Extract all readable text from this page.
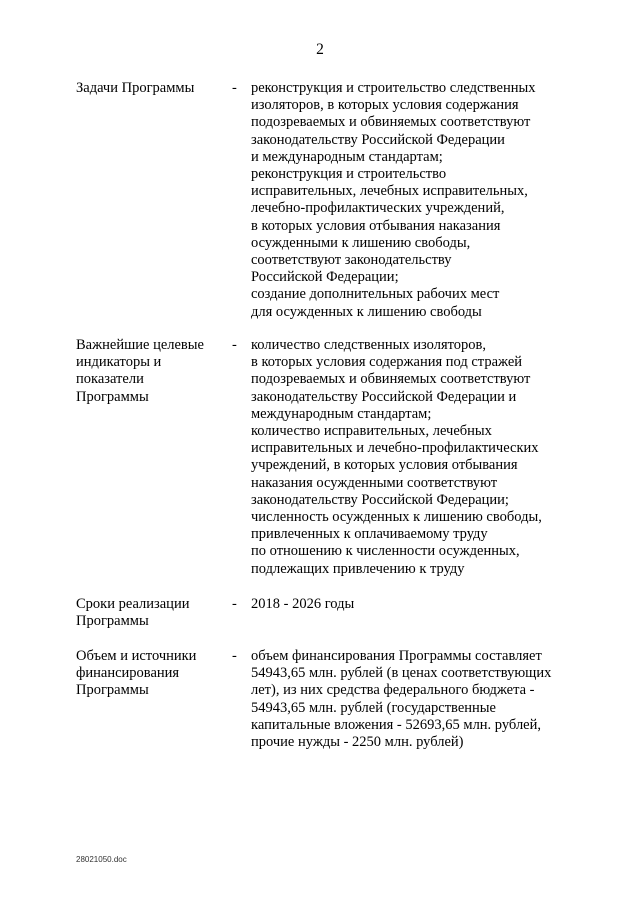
2
Задачи Программы	- реконструкция и строительство следственных
изоляторов, в которых условия содержания
подозреваемых и обвиняемых соответствуют
законодательству Российской Федерации
и международным стандартам;
реконструкция и строительство
исправительных, лечебных исправительных,
лечебно-профилактических учреждений,
в которых условия отбывания наказания
осужденными к лишению свободы,
соответствуют законодательству
Российской Федерации;
создание дополнительных рабочих мест
для осужденных к лишению свободы
Важнейшие целевые
индикаторы и
показатели
Программы
- количество следственных изоляторов,
в которых условия содержания под стражей
подозреваемых и обвиняемых соответствуют
законодательству Российской Федерации и
международным стандартам;
количество исправительных, лечебных
исправительных и лечебно-профилактических
учреждений, в которых условия отбывания
наказания осужденными соответствуют
законодательству Российской Федерации;
численность осужденных к лишению свободы,
привлеченных к оплачиваемому труду
по отношению к численности осужденных,
подлежащих привлечению к труду
Сроки реализации
Программы
- 2018 - 2026 годы
Объем и источники
финансирования
Программы
- объем финансирования Программы составляет
54943,65 млн. рублей (в ценах соответствующих
лет), из них средства федерального бюджета -
54943,65 млн. рублей (государственные
капитальные вложения - 52693,65 млн. рублей,
прочие нужды - 2250 млн. рублей)
28021050.doc
